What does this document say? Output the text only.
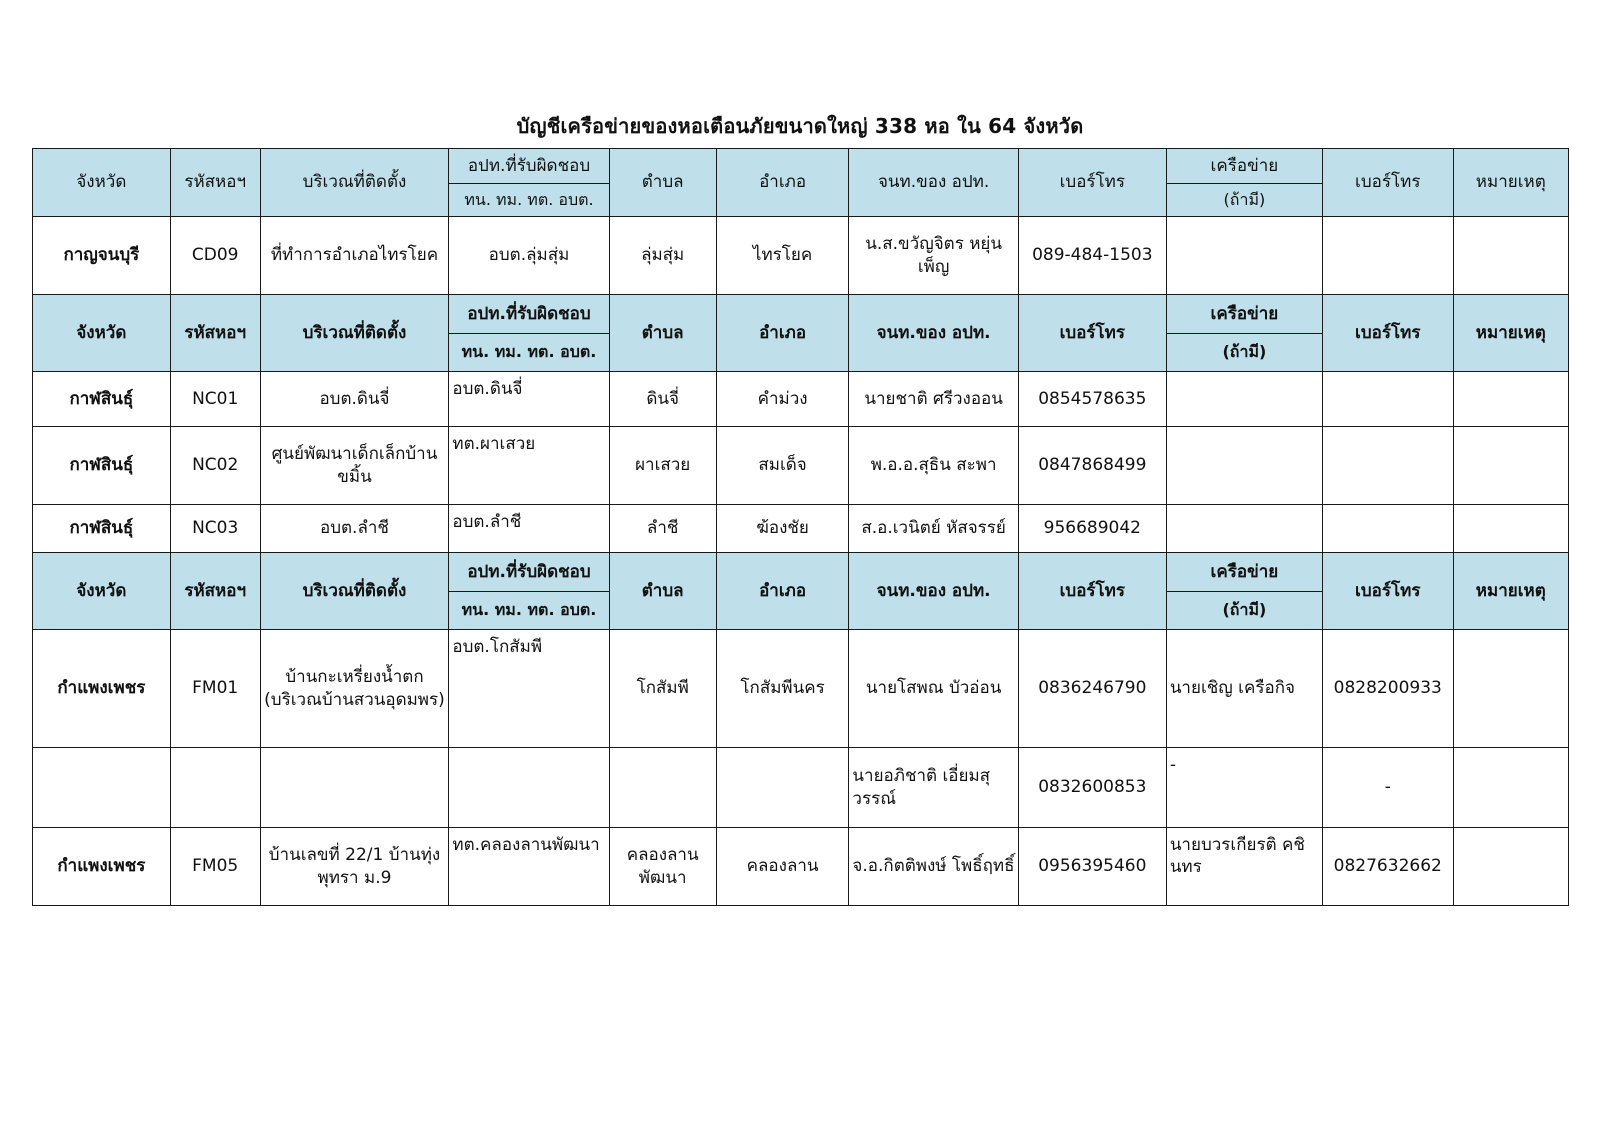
บัญชีเครือข่ายของหอเตือนภัยขนาดใหญ่ 338 หอ ใน 64 จังหวัด
จังหวัด	รหัสหอฯ	บริเวณที่ติดตั้ง	อปท.ที่รับผิดชอบ	ตำบล	อำเภอ	จนท.ของ อปท.	เบอร์โทร	เครือข่าย	เบอร์โทร	หมายเหตุ
			ทน. ทม. ทต. อบต.					(ถ้ามี)		
กาญจนบุรี	CD09	ที่ทำการอำเภอไทรโยค	อบต.ลุ่มสุ่ม	ลุ่มสุ่ม	ไทรโยค	น.ส.ขวัญจิตร หยุ่นเพ็ญ	089-484-1503			
จังหวัด	รหัสหอฯ	บริเวณที่ติดตั้ง	อปท.ที่รับผิดชอบ	ตำบล	อำเภอ	จนท.ของ อปท.	เบอร์โทร	เครือข่าย	เบอร์โทร	หมายเหตุ
			ทน. ทม. ทต. อบต.					(ถ้ามี)		
กาฬสินธุ์	NC01	อบต.ดินจี่	อบต.ดินจี่	ดินจี่	คำม่วง	นายชาติ ศรีวงออน	0854578635			
กาฬสินธุ์	NC02	ศูนย์พัฒนาเด็กเล็กบ้านขมิ้น	ทต.ผาเสวย	ผาเสวย	สมเด็จ	พ.อ.อ.สุธิน สะพา	0847868499			
กาฬสินธุ์	NC03	อบต.ลำชี	อบต.ลำชี	ลำชี	ฆ้องชัย	ส.อ.เวนิตย์ หัสจรรย์	956689042			
จังหวัด	รหัสหอฯ	บริเวณที่ติดตั้ง	อปท.ที่รับผิดชอบ	ตำบล	อำเภอ	จนท.ของ อปท.	เบอร์โทร	เครือข่าย	เบอร์โทร	หมายเหตุ
			ทน. ทม. ทต. อบต.					(ถ้ามี)		
กำแพงเพชร	FM01	บ้านกะเหรี่ยงน้ำตก (บริเวณบ้านสวนอุดมพร)	อบต.โกสัมพี	โกสัมพี	โกสัมพีนคร	นายโสพณ บัวอ่อน	0836246790	นายเชิญ เครือกิจ	0828200933	
						นายอภิชาติ เอี่ยมสุวรรณ์	0832600853	-	-	
กำแพงเพชร	FM05	บ้านเลขที่ 22/1 บ้านทุ่งพุทรา ม.9	ทต.คลองลานพัฒนา	คลองลานพัฒนา	คลองลาน	จ.อ.กิตติพงษ์ โพธิ์ฤทธิ์	0956395460	นายบวรเกียรติ คชินทร	0827632662	
